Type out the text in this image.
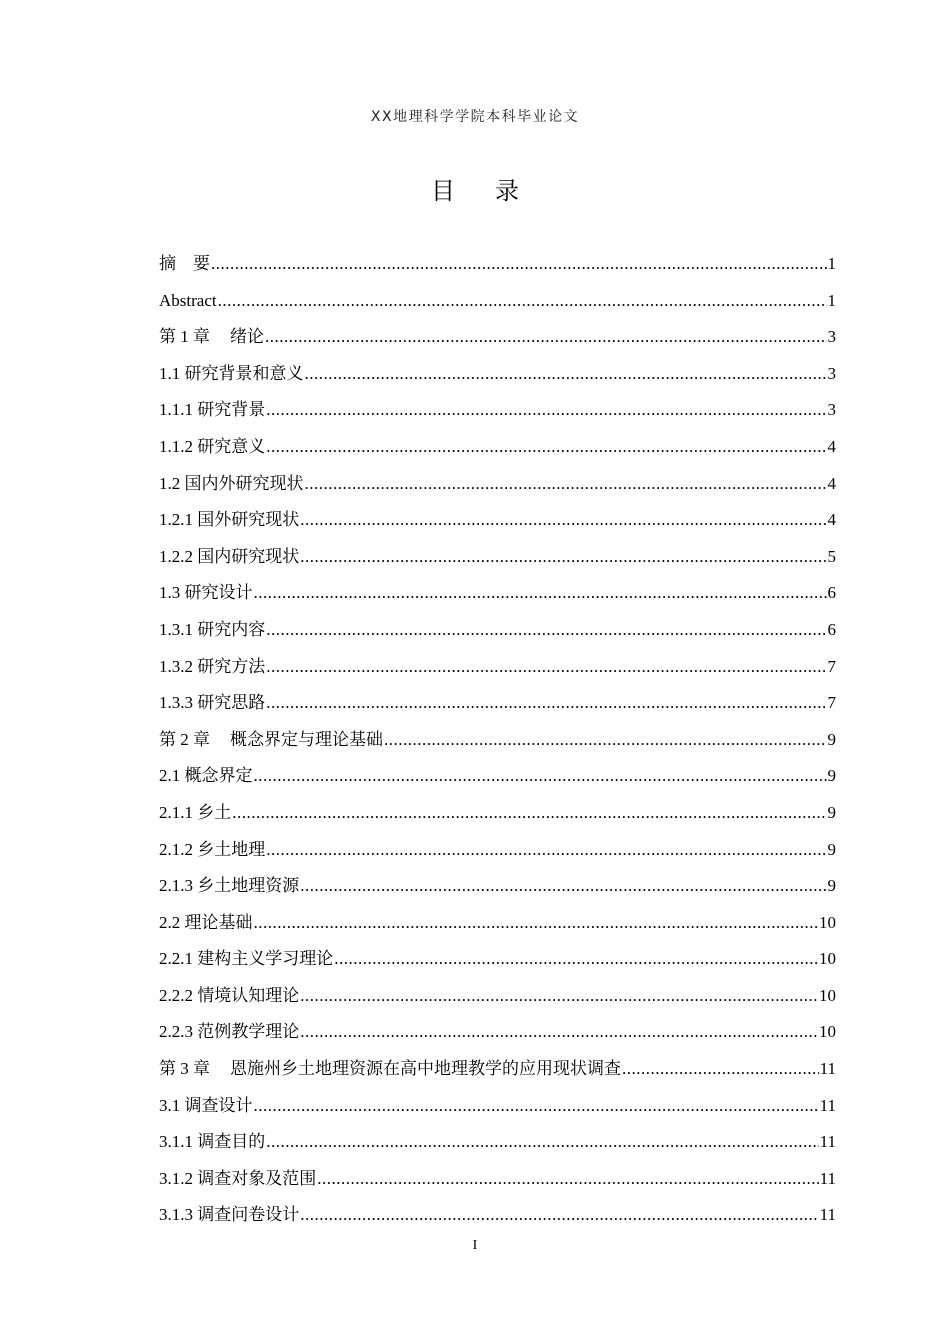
XX地理科学学院本科毕业论文
目 录
摘　要 .....	1
Abstract .....	1
第 1 章 绪论 .....	3
1.1 研究背景和意义 .....	3
1.1.1 研究背景 .....	3
1.1.2 研究意义 .....	4
1.2 国内外研究现状 .....	4
1.2.1 国外研究现状 .....	4
1.2.2 国内研究现状 .....	5
1.3 研究设计 .....	6
1.3.1 研究内容 .....	6
1.3.2 研究方法 .....	7
1.3.3 研究思路 .....	7
第 2 章 概念界定与理论基础 .....	9
2.1 概念界定 .....	9
2.1.1 乡土 .....	9
2.1.2 乡土地理 .....	9
2.1.3 乡土地理资源 .....	9
2.2 理论基础 .....	10
2.2.1 建构主义学习理论 .....	10
2.2.2 情境认知理论 .....	10
2.2.3 范例教学理论 .....	10
第 3 章 恩施州乡土地理资源在高中地理教学的应用现状调查 .....	11
3.1 调查设计 .....	11
3.1.1 调查目的 .....	11
3.1.2 调查对象及范围 .....	11
3.1.3 调查问卷设计 .....	11
I
